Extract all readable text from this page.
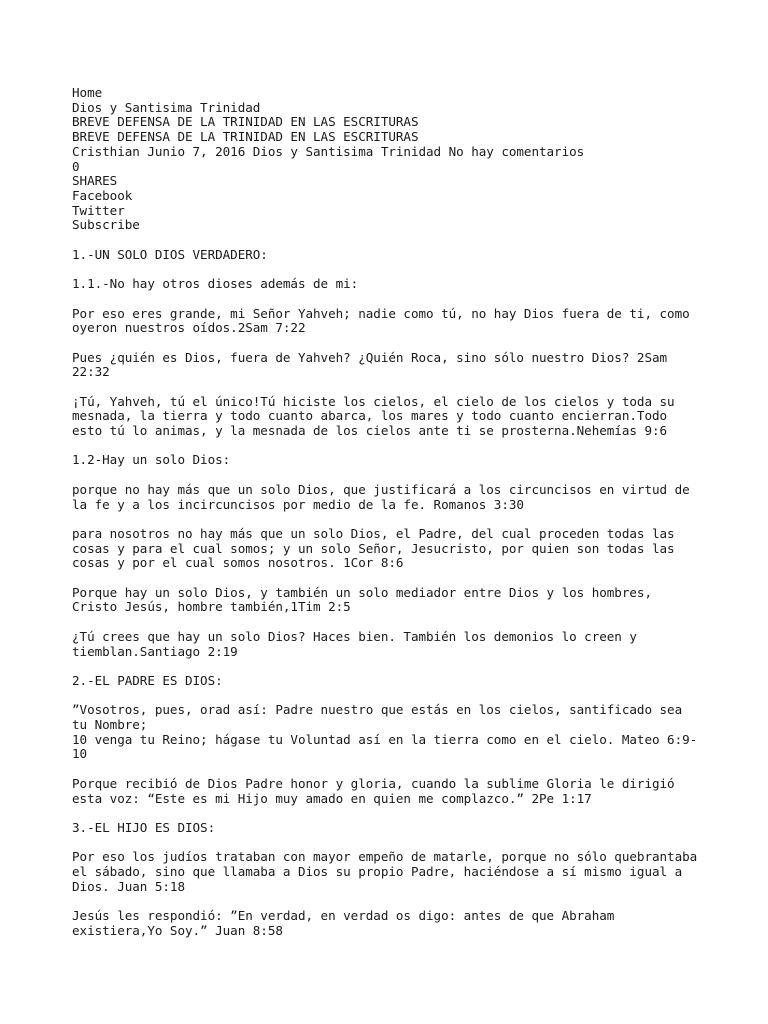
Home
Dios y Santisima Trinidad
BREVE DEFENSA DE LA TRINIDAD EN LAS ESCRITURAS
BREVE DEFENSA DE LA TRINIDAD EN LAS ESCRITURAS
Cristhian Junio 7, 2016 Dios y Santisima Trinidad No hay comentarios
0
SHARES
Facebook
Twitter
Subscribe

1.-UN SOLO DIOS VERDADERO:

1.1.-No hay otros dioses además de mi:

Por eso eres grande, mi Señor Yahveh; nadie como tú, no hay Dios fuera de ti, como
oyeron nuestros oídos.2Sam 7:22

Pues ¿quién es Dios, fuera de Yahveh? ¿Quién Roca, sino sólo nuestro Dios? 2Sam
22:32

¡Tú, Yahveh, tú el único!Tú hiciste los cielos, el cielo de los cielos y toda su
mesnada, la tierra y todo cuanto abarca, los mares y todo cuanto encierran.Todo
esto tú lo animas, y la mesnada de los cielos ante ti se prosterna.Nehemías 9:6

1.2-Hay un solo Dios:

porque no hay más que un solo Dios, que justificará a los circuncisos en virtud de
la fe y a los incircuncisos por medio de la fe. Romanos 3:30

para nosotros no hay más que un solo Dios, el Padre, del cual proceden todas las
cosas y para el cual somos; y un solo Señor, Jesucristo, por quien son todas las
cosas y por el cual somos nosotros. 1Cor 8:6

Porque hay un solo Dios, y también un solo mediador entre Dios y los hombres,
Cristo Jesús, hombre también,1Tim 2:5

¿Tú crees que hay un solo Dios? Haces bien. También los demonios lo creen y
tiemblan.Santiago 2:19

2.-EL PADRE ES DIOS:

”Vosotros, pues, orad así: Padre nuestro que estás en los cielos, santificado sea
tu Nombre;
10 venga tu Reino; hágase tu Voluntad así en la tierra como en el cielo. Mateo 6:9-
10

Porque recibió de Dios Padre honor y gloria, cuando la sublime Gloria le dirigió
esta voz: “Este es mi Hijo muy amado en quien me complazco.” 2Pe 1:17

3.-EL HIJO ES DIOS:

Por eso los judíos trataban con mayor empeño de matarle, porque no sólo quebrantaba
el sábado, sino que llamaba a Dios su propio Padre, haciéndose a sí mismo igual a
Dios. Juan 5:18

Jesús les respondió: ”En verdad, en verdad os digo: antes de que Abraham
existiera,Yo Soy.” Juan 8:58
